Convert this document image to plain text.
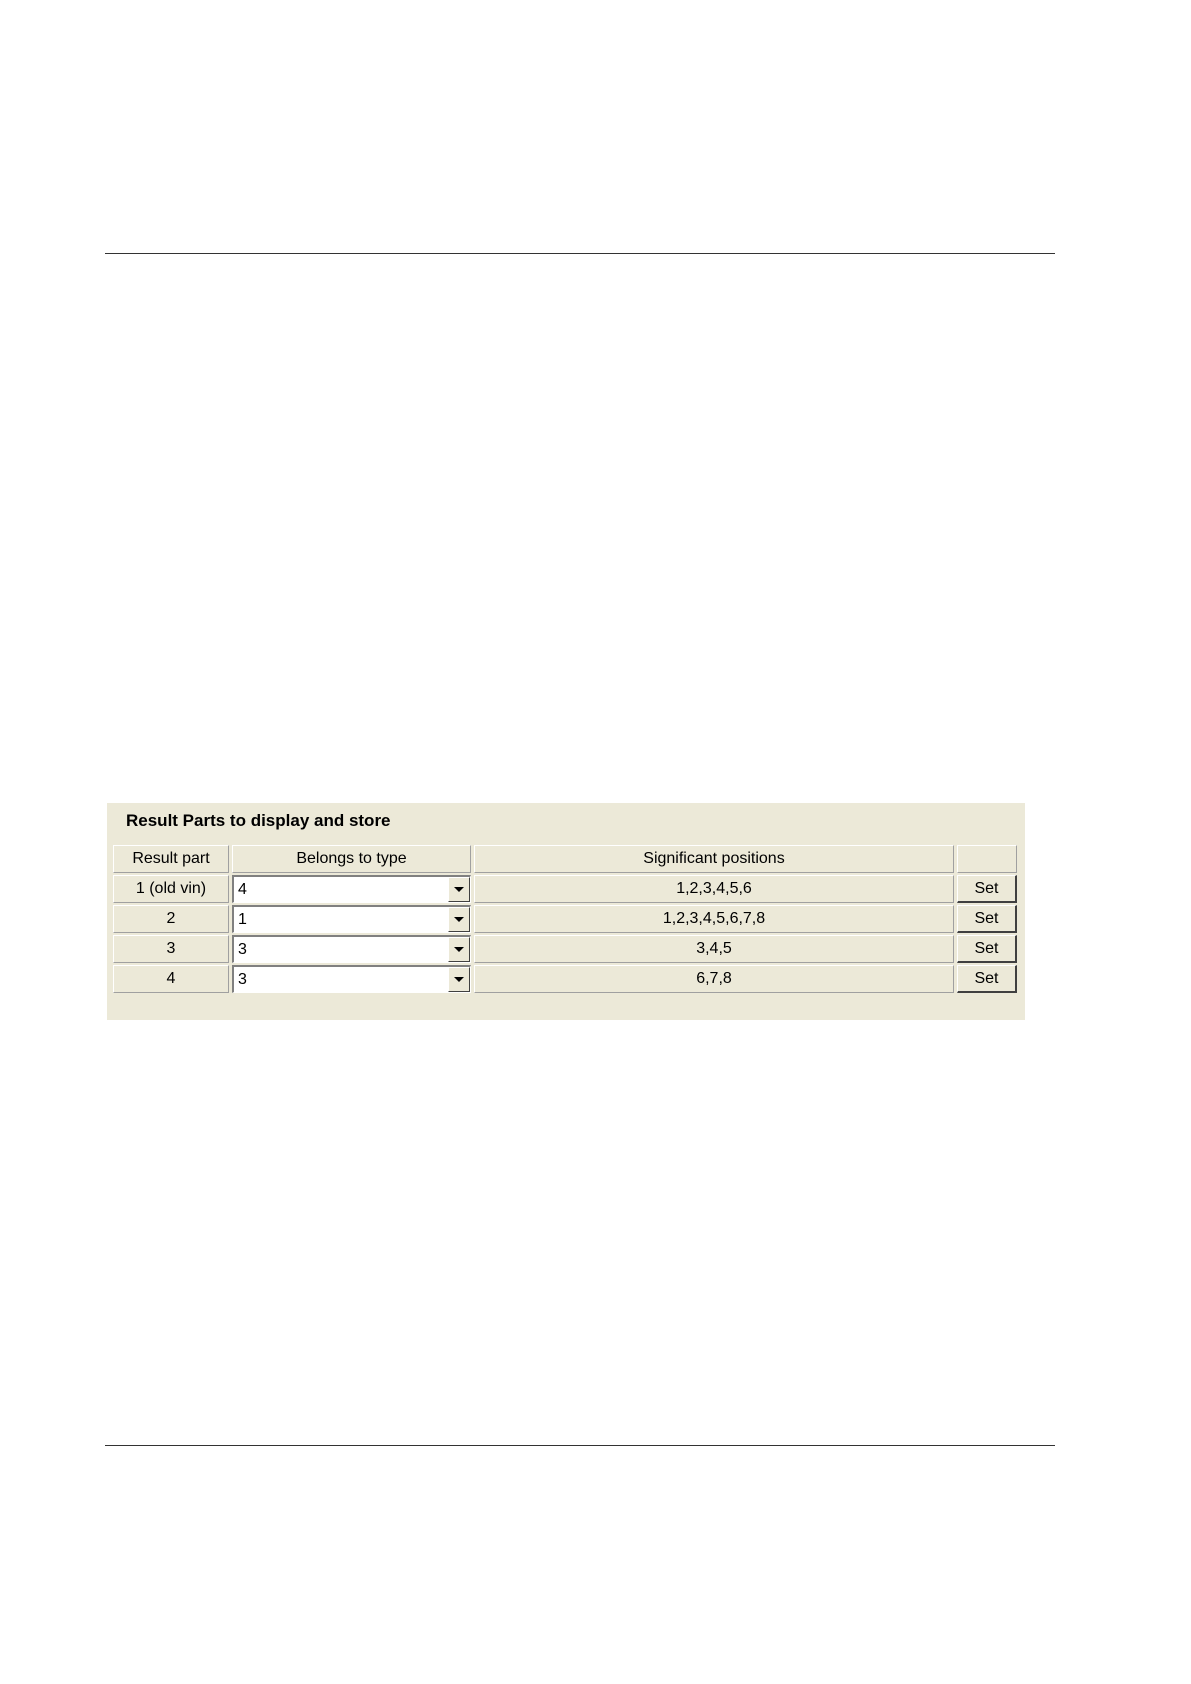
Result Parts to display and store
Result part	Belongs to type	Significant positions	
1 (old vin)	4	1,2,3,4,5,6	Set
2	1	1,2,3,4,5,6,7,8	Set
3	3	3,4,5	Set
4	3	6,7,8	Set
